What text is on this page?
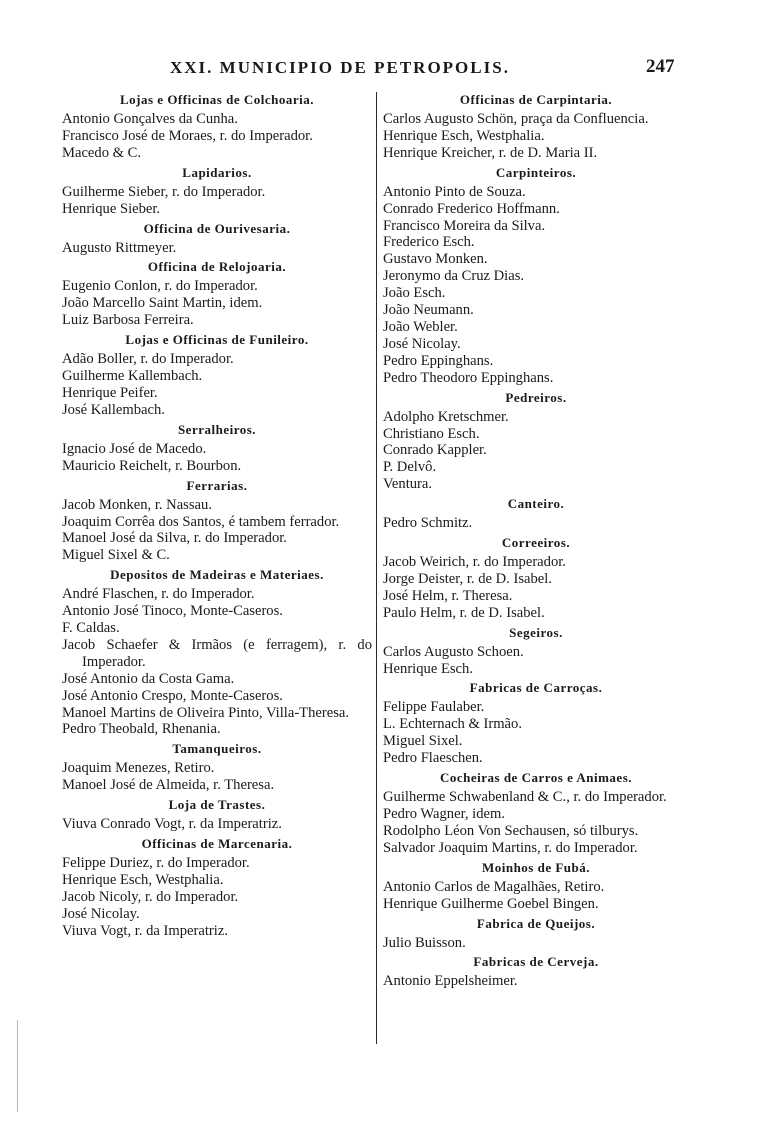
XXI. MUNICIPIO DE PETROPOLIS.	247
Lojas e Officinas de Colchoaria.
Antonio Gonçalves da Cunha.
Francisco José de Moraes, r. do Imperador.
Macedo & C.
Lapidarios.
Guilherme Sieber, r. do Imperador.
Henrique Sieber.
Officina de Ourivesaria.
Augusto Rittmeyer.
Officina de Relojoaria.
Eugenio Conlon, r. do Imperador.
João Marcello Saint Martin, idem.
Luiz Barbosa Ferreira.
Lojas e Officinas de Funileiro.
Adão Boller, r. do Imperador.
Guilherme Kallembach.
Henrique Peifer.
José Kallembach.
Serralheiros.
Ignacio José de Macedo.
Mauricio Reichelt, r. Bourbon.
Ferrarias.
Jacob Monken, r. Nassau.
Joaquim Corrêa dos Santos, é tambem ferrador.
Manoel José da Silva, r. do Imperador.
Miguel Sixel & C.
Depositos de Madeiras e Materiaes.
André Flaschen, r. do Imperador.
Antonio José Tinoco, Monte-Caseros.
F. Caldas.
Jacob Schaefer & Irmãos (e ferragem), r. do Imperador.
José Antonio da Costa Gama.
José Antonio Crespo, Monte-Caseros.
Manoel Martins de Oliveira Pinto, Villa-Theresa.
Pedro Theobald, Rhenania.
Tamanqueiros.
Joaquim Menezes, Retiro.
Manoel José de Almeida, r. Theresa.
Loja de Trastes.
Viuva Conrado Vogt, r. da Imperatriz.
Officinas de Marcenaria.
Felippe Duriez, r. do Imperador.
Henrique Esch, Westphalia.
Jacob Nicoly, r. do Imperador.
José Nicolay.
Viuva Vogt, r. da Imperatriz.
Officinas de Carpintaria.
Carlos Augusto Schön, praça da Confluencia.
Henrique Esch, Westphalia.
Henrique Kreicher, r. de D. Maria II.
Carpinteiros.
Antonio Pinto de Souza.
Conrado Frederico Hoffmann.
Francisco Moreira da Silva.
Frederico Esch.
Gustavo Monken.
Jeronymo da Cruz Dias.
João Esch.
João Neumann.
João Webler.
José Nicolay.
Pedro Eppinghans.
Pedro Theodoro Eppinghans.
Pedreiros.
Adolpho Kretschmer.
Christiano Esch.
Conrado Kappler.
P. Delvô.
Ventura.
Canteiro.
Pedro Schmitz.
Correeiros.
Jacob Weirich, r. do Imperador.
Jorge Deister, r. de D. Isabel.
José Helm, r. Theresa.
Paulo Helm, r. de D. Isabel.
Segeiros.
Carlos Augusto Schoen.
Henrique Esch.
Fabricas de Carroças.
Felippe Faulaber.
L. Echternach & Irmão.
Miguel Sixel.
Pedro Flaeschen.
Cocheiras de Carros e Animaes.
Guilherme Schwabenland & C., r. do Imperador.
Pedro Wagner, idem.
Rodolpho Léon Von Sechausen, só tilburys.
Salvador Joaquim Martins, r. do Imperador.
Moinhos de Fubá.
Antonio Carlos de Magalhães, Retiro.
Henrique Guilherme Goebel Bingen.
Fabrica de Queijos.
Julio Buisson.
Fabricas de Cerveja.
Antonio Eppelsheimer.
